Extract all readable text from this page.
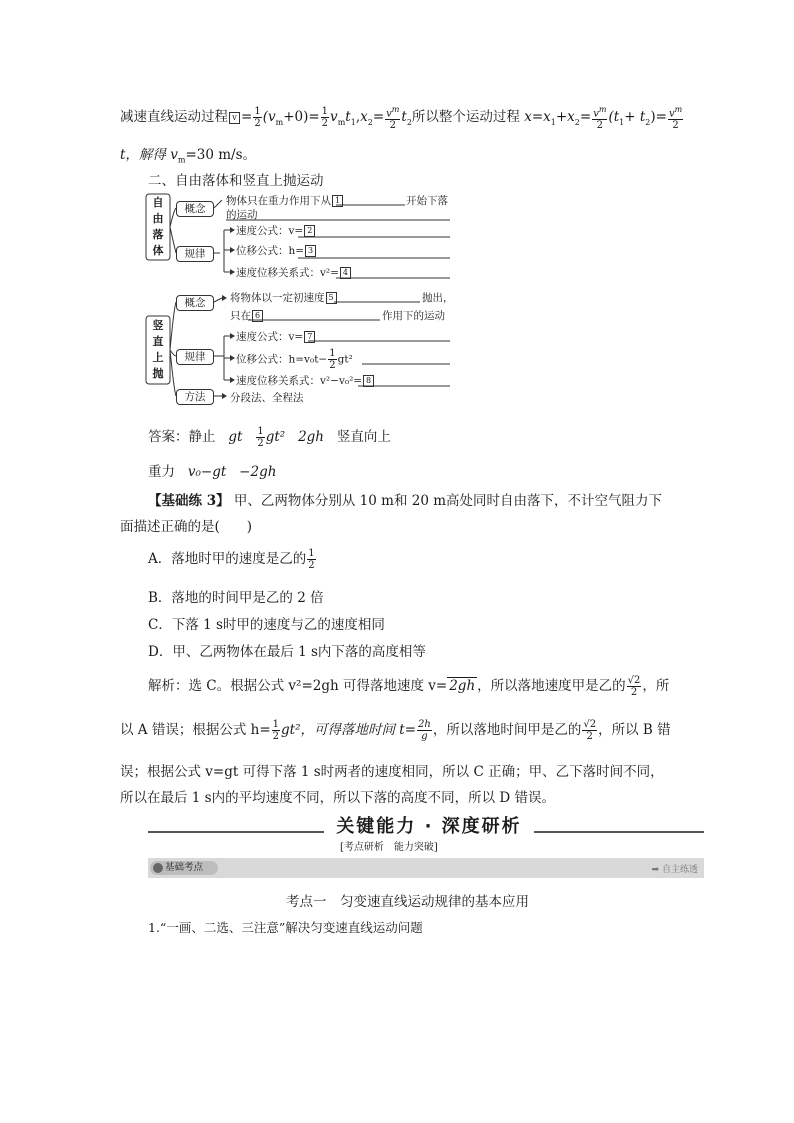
减速直线运动过程 $v = \frac{1}{2} (v_m+0)= \frac{1}{2} v_mt_1,x_2= \frac{v^m}{2} t_2$所以整个运动过程 $x=x_1+x_2= \frac{v^m}{2} (t_1+ t_2)= \frac{v^m}{2}$
t，解得 $v_m=30$ m/s。
二、自由落体和竖直上抛运动
自
由
落
体
概念
规律
物体只在重力作用下从 1	开始下落
的运动
速度公式：v= 2
位移公式：h= 3
速度位移关系式：v²= 4
竖
直
上
抛
概念
规律
方法
将物体以一定初速度 5	抛出，
只在 6	作用下的运动
速度公式：v= 7
位移公式：$h=v_0t- \frac{1}{2} gt^2$
速度位移关系式：v²−v₀²= 8
分段法、全程法
答案：静止 gt $\frac{1}{2} gt^2$ 2gh 竖直向上
重力 v₀−gt −2gh
【基础练 3】 甲、乙两物体分别从 10 m和 20 m高处同时自由落下，不计空气阻力下
面描述正确的是(　　)
A．落地时甲的速度是乙的 $\frac{1}{2}$
B．落地的时间甲是乙的 2 倍
C．下落 1 s时甲的速度与乙的速度相同
D．甲、乙两物体在最后 1 s内下落的高度相等
解析：选 C。根据公式 v²=2gh 可得落地速度 v= 2gh ，所以落地速度甲是乙的 $\frac{√2}{2}$ ，所
以 A 错误；根据公式 $h= \frac{1}{2} gt^2$，可得落地时间 $t= \frac{2h}{g}$ ，所以落地时间甲是乙的 $\frac{√2}{2}$ ，所以 B 错
误；根据公式 v=gt 可得下落 1 s时两者的速度相同，所以 C 正确；甲、乙下落时间不同，
所以在最后 1 s内的平均速度不同，所以下落的高度不同，所以 D 错误。
关键能力 · 深度研析
[考点研析　能力突破]
基础考点	➡ 自主练透
考点一　匀变速直线运动规律的基本应用
1.“一画、二选、三注意”解决匀变速直线运动问题
